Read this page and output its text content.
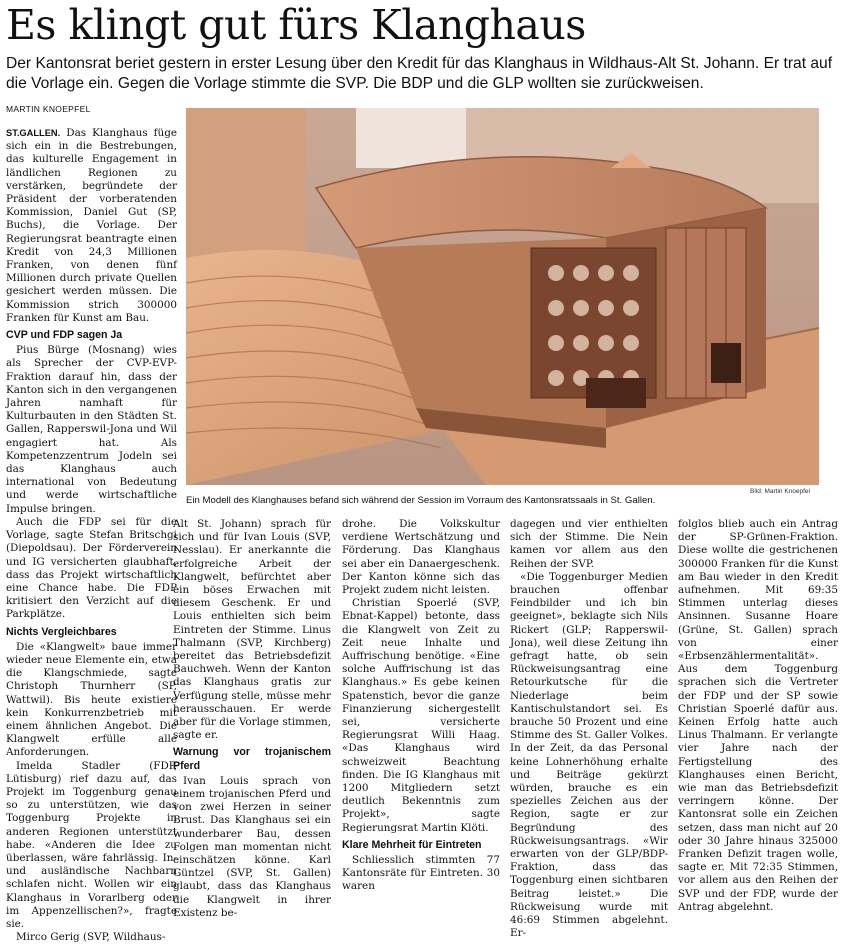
Es klingt gut fürs Klanghaus
Der Kantonsrat beriet gestern in erster Lesung über den Kredit für das Klanghaus in Wildhaus-Alt St. Johann. Er trat auf die Vorlage ein. Gegen die Vorlage stimmte die SVP. Die BDP und die GLP wollten sie zurückweisen.
MARTIN KNOEPFEL

ST.GALLEN. Das Klanghaus füge sich ein in die Bestrebungen, das kulturelle Engagement in ländlichen Regionen zu verstärken, begründete der Präsident der vorberatenden Kommission, Daniel Gut (SP, Buchs), die Vorlage. Der Regierungsrat beantragte einen Kredit von 24,3 Millionen Franken, von denen fünf Millionen durch private Quellen gesichert werden müssen. Die Kommission strich 300000 Franken für Kunst am Bau.

CVP und FDP sagen Ja

Pius Bürge (Mosnang) wies als Sprecher der CVP-EVP-Fraktion darauf hin, dass der Kanton sich in den vergangenen Jahren namhaft für Kulturbauten in den Städten St. Gallen, Rapperswil-Jona und Wil engagiert hat. Als Kompetenzzentrum Jodeln sei das Klanghaus auch international von Bedeutung und werde wirtschaftliche Impulse bringen.

Auch die FDP sei für die Vorlage, sagte Stefan Britschgi (Diepoldsau). Der Förderverein und IG versicherten glaubhaft, dass das Projekt wirtschaftlich eine Chance habe. Die FDP kritisiert den Verzicht auf die Parkplätze.

Nichts Vergleichbares

Die «Klangwelt» baue immer wieder neue Elemente ein, etwa die Klangschmiede, sagte Christoph Thurnherr (SP, Wattwil). Bis heute existiere kein Konkurrenzbetrieb mit einem ähnlichen Angebot. Die Klangwelt erfülle alle Anforderungen.

Imelda Stadler (FDP, Lütisburg) rief dazu auf, das Projekt im Toggenburg genau so zu unterstützen, wie das Toggenburg Projekte in anderen Regionen unterstützt habe. «Anderen die Idee zu überlassen, wäre fahrlässig. In- und ausländische Nachbarn schlafen nicht. Wollen wir ein Klanghaus in Vorarlberg oder im Appenzellischen?», fragte sie.

Mirco Gerig (SVP, Wildhaus-

Bild: Martin Knoepfel
Ein Modell des Klanghauses befand sich während der Session im Vorraum des Kantonsratssaals in St. Gallen.

Alt St. Johann) sprach für sich und für Ivan Louis (SVP, Nesslau). Er anerkannte die erfolgreiche Arbeit der Klangwelt, befürchtet aber ein böses Erwachen mit diesem Geschenk. Er und Louis enthielten sich beim Eintreten der Stimme. Linus Thalmann (SVP, Kirchberg) bereitet das Betriebsdefizit Bauchweh. Wenn der Kanton das Klanghaus gratis zur Verfügung stelle, müsse mehr herausschauen. Er werde aber für die Vorlage stimmen, sagte er.

Warnung vor trojanischem Pferd

Ivan Louis sprach von einem trojanischen Pferd und von zwei Herzen in seiner Brust. Das Klanghaus sei ein wunderbarer Bau, dessen Folgen man momentan nicht einschätzen könne. Karl Güntzel (SVP, St. Gallen) glaubt, dass das Klanghaus die Klangwelt in ihrer Existenz be-

drohe. Die Volkskultur verdiene Wertschätzung und Förderung. Das Klanghaus sei aber ein Danaergeschenk. Der Kanton könne sich das Projekt zudem nicht leisten.

Christian Spoerlé (SVP, Ebnat-Kappel) betonte, dass die Klangwelt von Zeit zu Zeit neue Inhalte und Auffrischung benötige. «Eine solche Auffrischung ist das Klanghaus.» Es gebe keinen Spatenstich, bevor die ganze Finanzierung sichergestellt sei, versicherte Regierungsrat Willi Haag. «Das Klanghaus wird schweizweit Beachtung finden. Die IG Klanghaus mit 1200 Mitgliedern setzt deutlich Bekenntnis zum Projekt», sagte Regierungsrat Martin Klöti.

Klare Mehrheit für Eintreten

Schliesslich stimmten 77 Kantonsräte für Eintreten. 30 waren

dagegen und vier enthielten sich der Stimme. Die Nein kamen vor allem aus den Reihen der SVP.

«Die Toggenburger Medien brauchen offenbar Feindbilder und ich bin geeignet», beklagte sich Nils Rickert (GLP; Rapperswil-Jona), weil diese Zeitung ihn gefragt hatte, ob sein Rückweisungsantrag eine Retourkutsche für die Niederlage beim Kantischulstandort sei. Es brauche 50 Prozent und eine Stimme des St. Galler Volkes. In der Zeit, da das Personal keine Lohnerhöhung erhalte und Beiträge gekürzt würden, brauche es ein spezielles Zeichen aus der Region, sagte er zur Begründung des Rückweisungsantrags. «Wir erwarten von der GLP/BDP-Fraktion, dass das Toggenburg einen sichtbaren Beitrag leistet.» Die Rückweisung wurde mit 46:69 Stimmen abgelehnt. Er-

folglos blieb auch ein Antrag der SP-Grünen-Fraktion. Diese wollte die gestrichenen 300000 Franken für die Kunst am Bau wieder in den Kredit aufnehmen. Mit 69:35 Stimmen unterlag dieses Ansinnen. Susanne Hoare (Grüne, St. Gallen) sprach von einer «Erbsenzählermentalität». Aus dem Toggenburg sprachen sich die Vertreter der FDP und der SP sowie Christian Spoerlé dafür aus. Keinen Erfolg hatte auch Linus Thalmann. Er verlangte vier Jahre nach der Fertigstellung des Klanghauses einen Bericht, wie man das Betriebsdefizit verringern könne. Der Kantonsrat solle ein Zeichen setzen, dass man nicht auf 20 oder 30 Jahre hinaus 325000 Franken Defizit tragen wolle, sagte er. Mit 72:35 Stimmen, vor allem aus den Reihen der SVP und der FDP, wurde der Antrag abgelehnt.
